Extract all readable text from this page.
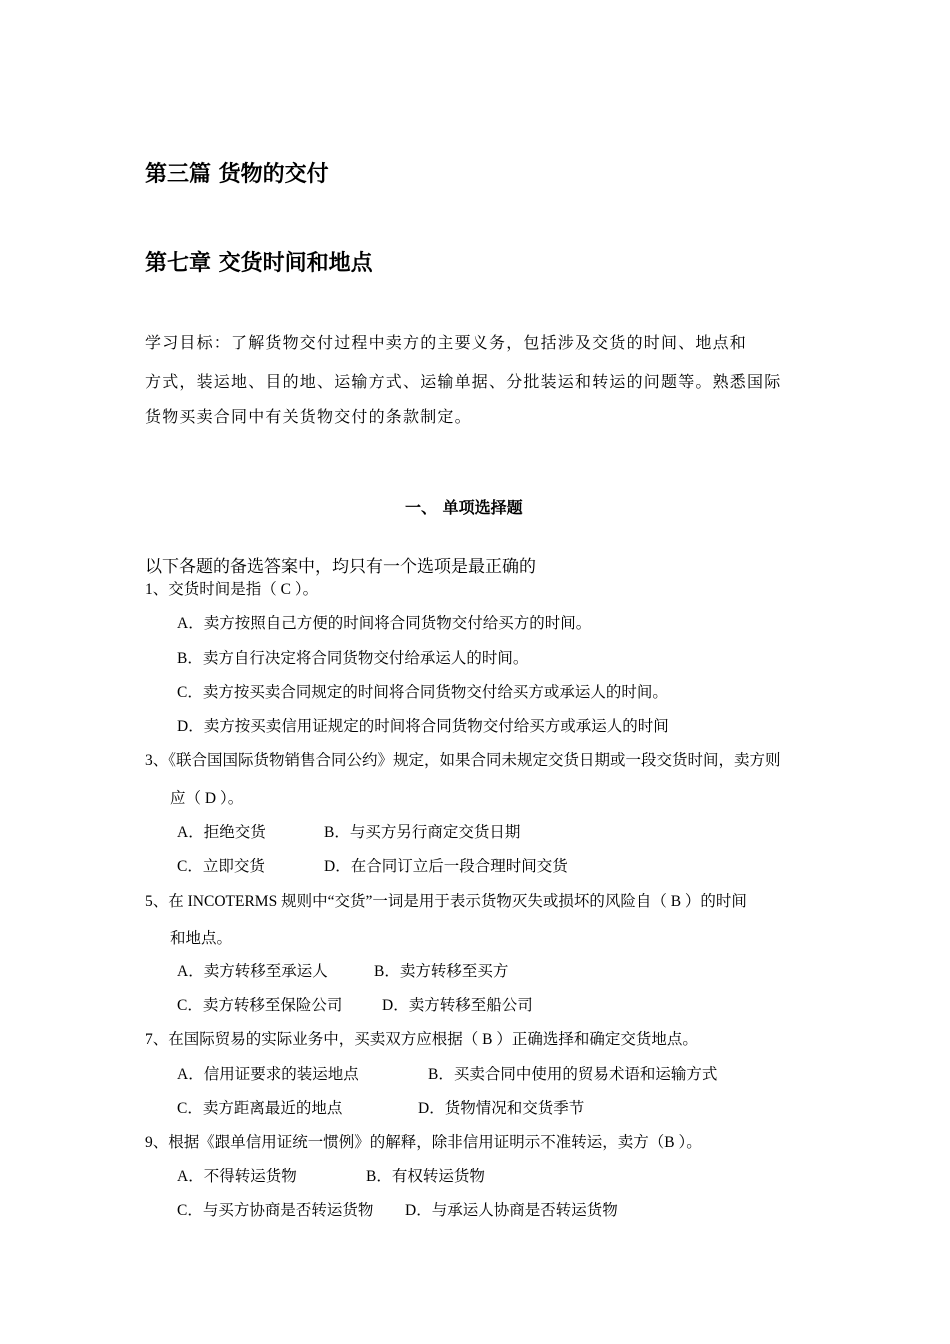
第三篇 货物的交付
第七章 交货时间和地点
学习目标：了解货物交付过程中卖方的主要义务，包括涉及交货的时间、地点和
方式，装运地、目的地、运输方式、运输单据、分批装运和转运的问题等。熟悉国际
货物买卖合同中有关货物交付的条款制定。
一、 单项选择题
以下各题的备选答案中，均只有一个选项是最正确的
1、交货时间是指（ C ）。
A．卖方按照自己方便的时间将合同货物交付给买方的时间。
B．卖方自行决定将合同货物交付给承运人的时间。
C．卖方按买卖合同规定的时间将合同货物交付给买方或承运人的时间。
D．卖方按买卖信用证规定的时间将合同货物交付给买方或承运人的时间
3、《联合国国际货物销售合同公约》规定，如果合同未规定交货日期或一段交货时间，卖方则
应（ D ）。
A．拒绝交货	B．与买方另行商定交货日期
C．立即交货	D．在合同订立后一段合理时间交货
5、在 INCOTERMS 规则中“交货”一词是用于表示货物灭失或损坏的风险自（ B ）的时间
和地点。
A．卖方转移至承运人	B．卖方转移至买方
C．卖方转移至保险公司	D．卖方转移至船公司
7、在国际贸易的实际业务中，买卖双方应根据（ B ）正确选择和确定交货地点。
A．信用证要求的装运地点	B．买卖合同中使用的贸易术语和运输方式
C．卖方距离最近的地点	D．货物情况和交货季节
9、根据《跟单信用证统一惯例》的解释，除非信用证明示不准转运，卖方（B ）。
A．不得转运货物	B．有权转运货物
C．与买方协商是否转运货物 D．与承运人协商是否转运货物
